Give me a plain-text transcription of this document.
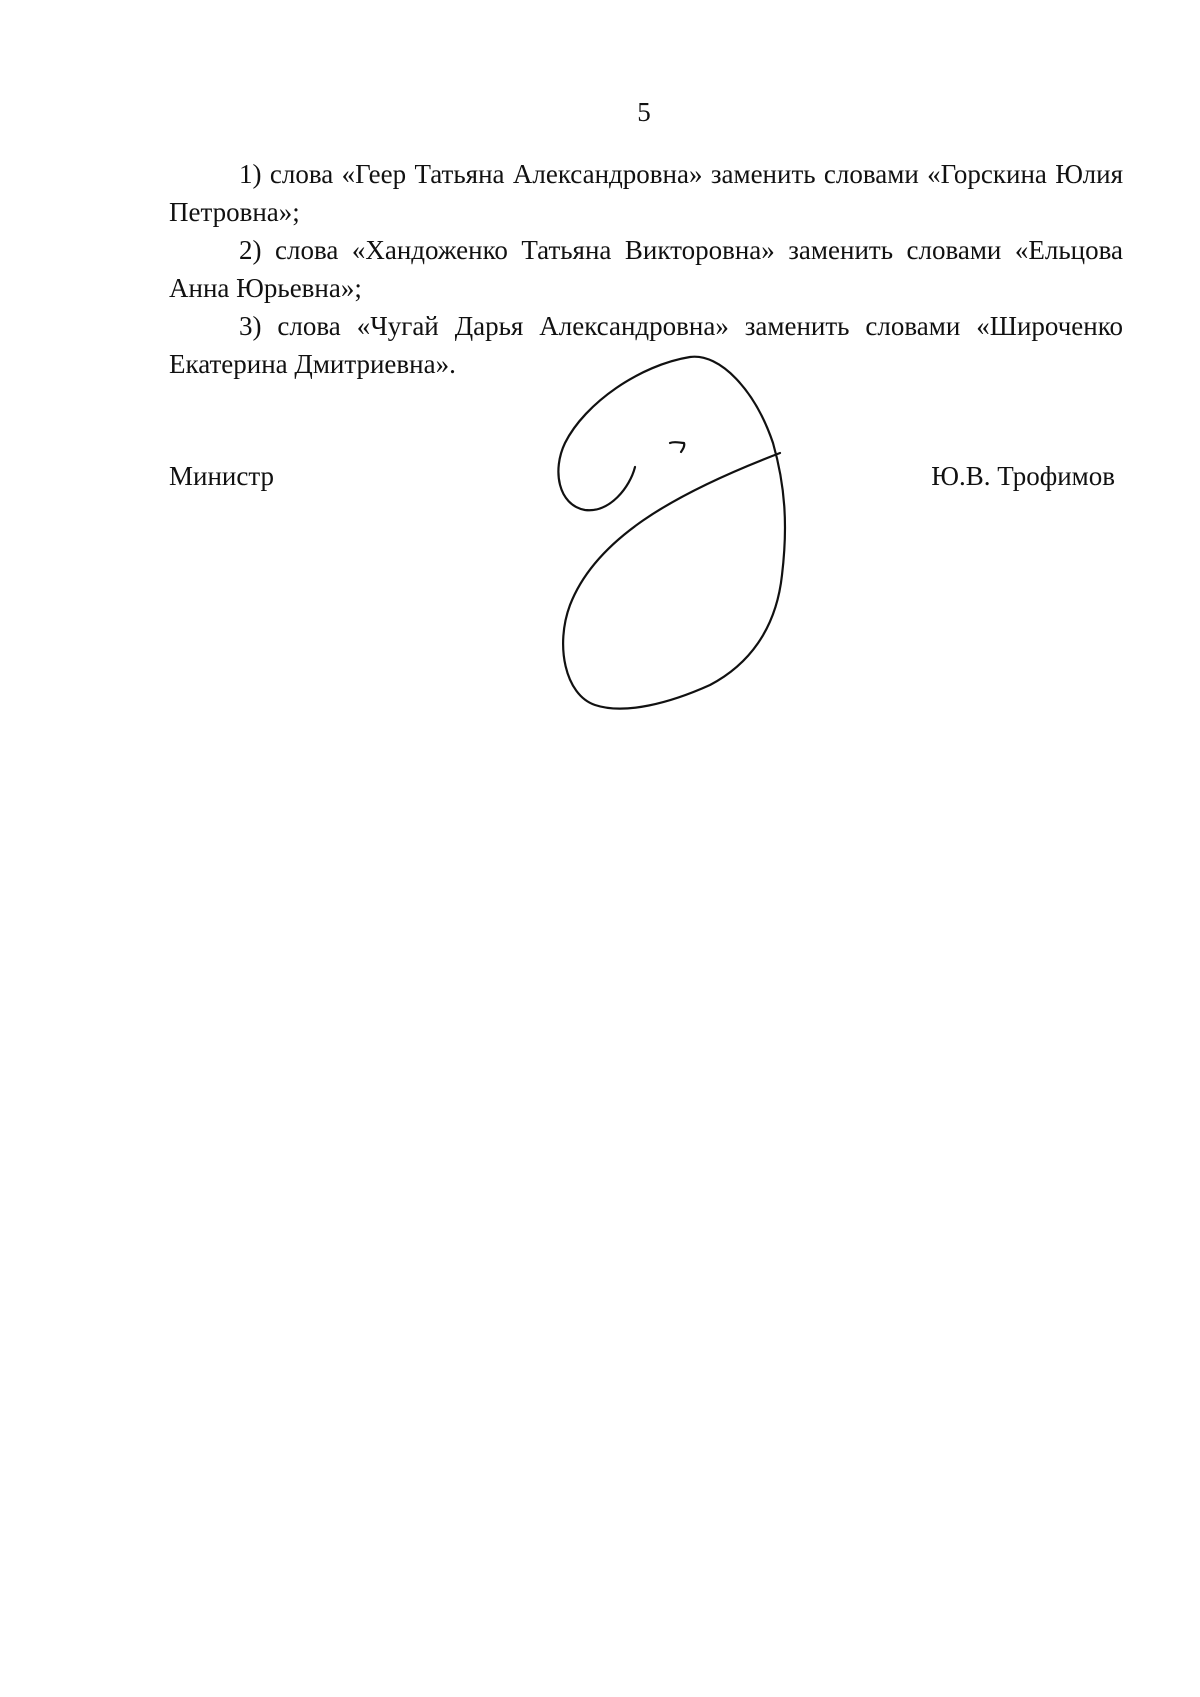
5

1) слова «Геер Татьяна Александровна» заменить словами «Горскина Юлия Петровна»;

2) слова «Хандоженко Татьяна Викторовна» заменить словами «Ельцова Анна Юрьевна»;

3) слова «Чугай Дарья Александровна» заменить словами «Широченко Екатерина Дмитриевна».

Министр	Ю.В. Трофимов
